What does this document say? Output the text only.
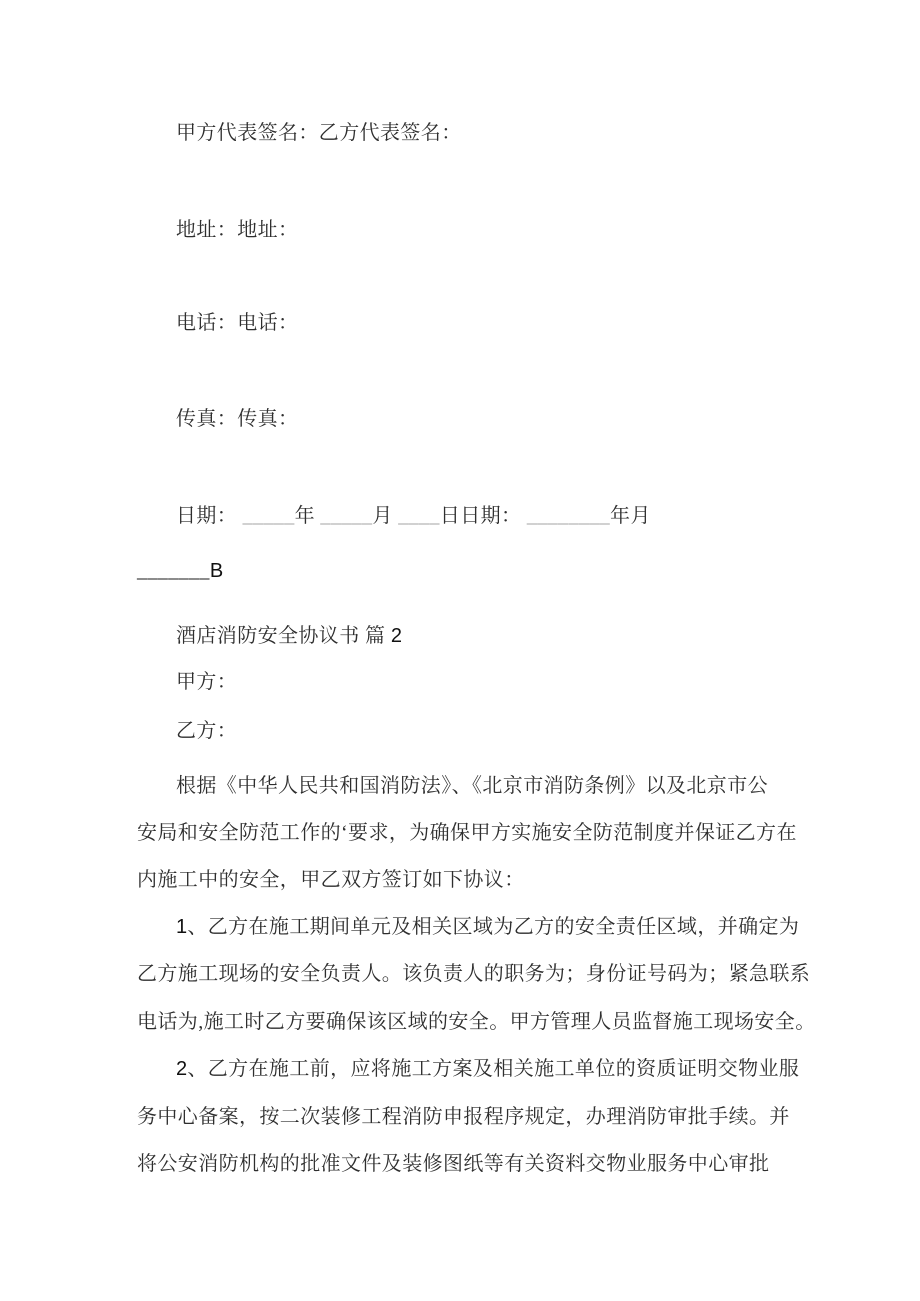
甲方代表签名：乙方代表签名：
地址：地址：
电话：电话：
传真：传真：
日期： _____年 _____月 ____日日期： ________年月
_______B
酒店消防安全协议书 篇 2
甲方：
乙方：
根据《中华人民共和国消防法》、《北京市消防条例》以及北京市公
安局和安全防范工作的‘要求，为确保甲方实施安全防范制度并保证乙方在
内施工中的安全，甲乙双方签订如下协议：
1、乙方在施工期间单元及相关区域为乙方的安全责任区域，并确定为
乙方施工现场的安全负责人。该负责人的职务为；身份证号码为；紧急联系
电话为,施工时乙方要确保该区域的安全。甲方管理人员监督施工现场安全。
2、乙方在施工前，应将施工方案及相关施工单位的资质证明交物业服
务中心备案，按二次装修工程消防申报程序规定，办理消防审批手续。并
将公安消防机构的批准文件及装修图纸等有关资料交物业服务中心审批
